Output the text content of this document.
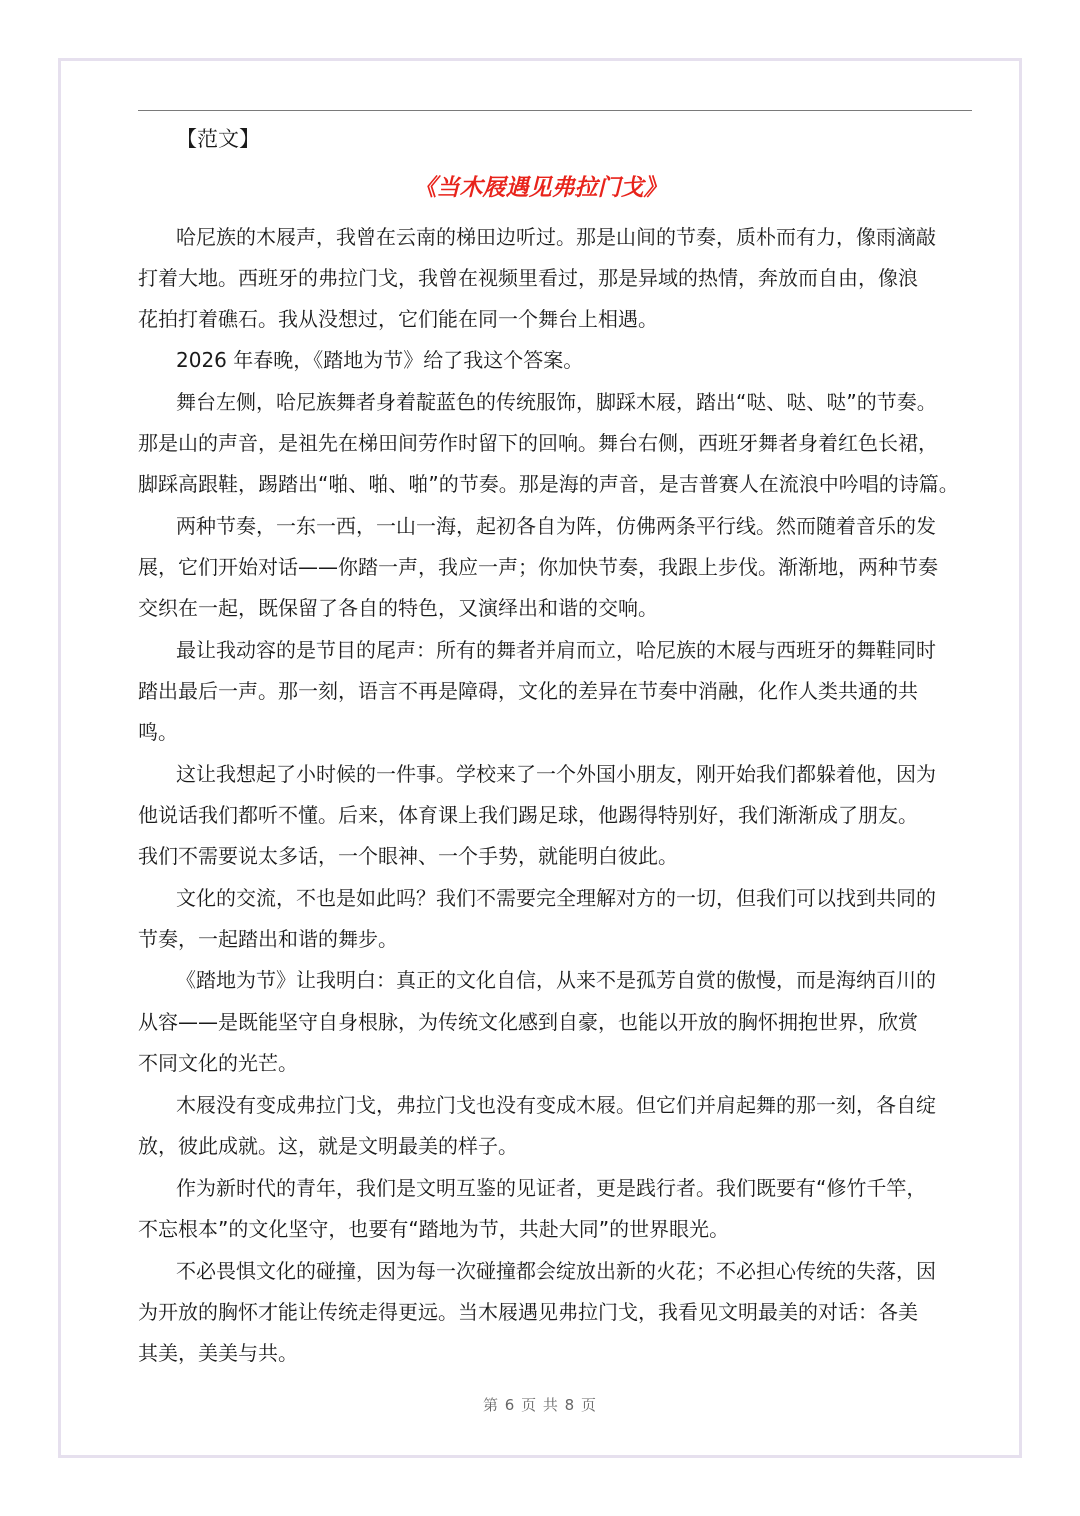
【范文】
《当木屐遇见弗拉门戈》
哈尼族的木屐声，我曾在云南的梯田边听过。那是山间的节奏，质朴而有力，像雨滴敲
打着大地。西班牙的弗拉门戈，我曾在视频里看过，那是异域的热情，奔放而自由，像浪
花拍打着礁石。我从没想过，它们能在同一个舞台上相遇。
2026 年春晚，《踏地为节》给了我这个答案。
舞台左侧，哈尼族舞者身着靛蓝色的传统服饰，脚踩木屐，踏出“哒、哒、哒”的节奏。
那是山的声音，是祖先在梯田间劳作时留下的回响。舞台右侧，西班牙舞者身着红色长裙，
脚踩高跟鞋，踢踏出“啪、啪、啪”的节奏。那是海的声音，是吉普赛人在流浪中吟唱的诗篇。
两种节奏，一东一西，一山一海，起初各自为阵，仿佛两条平行线。然而随着音乐的发
展，它们开始对话——你踏一声，我应一声；你加快节奏，我跟上步伐。渐渐地，两种节奏
交织在一起，既保留了各自的特色，又演绎出和谐的交响。
最让我动容的是节目的尾声：所有的舞者并肩而立，哈尼族的木屐与西班牙的舞鞋同时
踏出最后一声。那一刻，语言不再是障碍，文化的差异在节奏中消融，化作人类共通的共
鸣。
这让我想起了小时候的一件事。学校来了一个外国小朋友，刚开始我们都躲着他，因为
他说话我们都听不懂。后来，体育课上我们踢足球，他踢得特别好，我们渐渐成了朋友。
我们不需要说太多话，一个眼神、一个手势，就能明白彼此。
文化的交流，不也是如此吗？我们不需要完全理解对方的一切，但我们可以找到共同的
节奏，一起踏出和谐的舞步。
《踏地为节》让我明白：真正的文化自信，从来不是孤芳自赏的傲慢，而是海纳百川的
从容——是既能坚守自身根脉，为传统文化感到自豪，也能以开放的胸怀拥抱世界，欣赏
不同文化的光芒。
木屐没有变成弗拉门戈，弗拉门戈也没有变成木屐。但它们并肩起舞的那一刻，各自绽
放，彼此成就。这，就是文明最美的样子。
作为新时代的青年，我们是文明互鉴的见证者，更是践行者。我们既要有“修竹千竿，
不忘根本”的文化坚守，也要有“踏地为节，共赴大同”的世界眼光。
不必畏惧文化的碰撞，因为每一次碰撞都会绽放出新的火花；不必担心传统的失落，因
为开放的胸怀才能让传统走得更远。当木屐遇见弗拉门戈，我看见文明最美的对话：各美
其美，美美与共。
第 6 页 共 8 页
